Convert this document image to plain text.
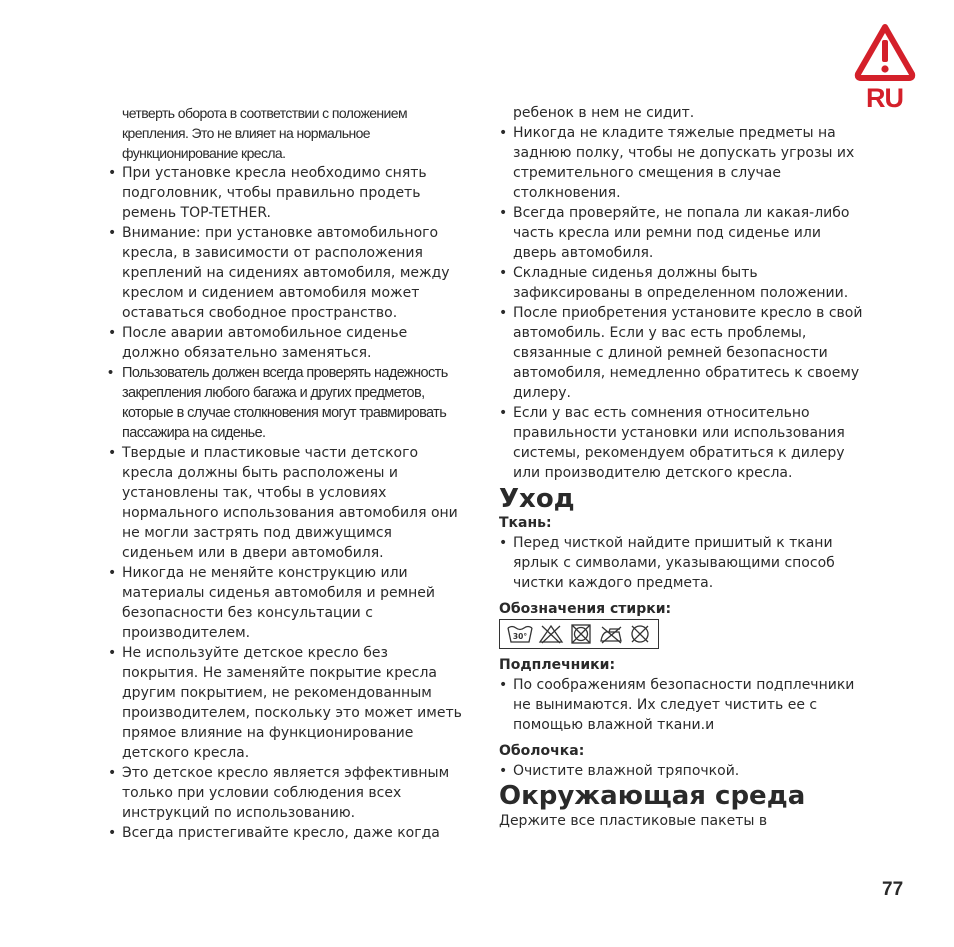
RU

четверть оборота в соответствии с положением крепления. Это не влияет на нормальное функционирование кресла.

• При установке кресла необходимо снять подголовник, чтобы правильно продеть ремень TOP-TETHER.
• Внимание: при установке автомобильного кресла, в зависимости от расположения креплений на сидениях автомобиля, между креслом и сидением автомобиля может оставаться свободное пространство.
• После аварии автомобильное сиденье должно обязательно заменяться.
• Пользователь должен всегда проверять надежность закрепления любого багажа и других предметов, которые в случае столкновения могут травмировать пассажира на сиденье.
• Твердые и пластиковые части детского кресла должны быть расположены и установлены так, чтобы в условиях нормального использования автомобиля они не могли застрять под движущимся сиденьем или в двери автомобиля.
• Никогда не меняйте конструкцию или материалы сиденья автомобиля и ремней безопасности без консультации с производителем.
• Не используйте детское кресло без покрытия. Не заменяйте покрытие кресла другим покрытием, не рекомендованным производителем, поскольку это может иметь прямое влияние на функционирование детского кресла.
• Это детское кресло является эффективным только при условии соблюдения всех инструкций по использованию.
• Всегда пристегивайте кресло, даже когда

ребенок в нем не сидит.

• Никогда не кладите тяжелые предметы на заднюю полку, чтобы не допускать угрозы их стремительного смещения в случае столкновения.
• Всегда проверяйте, не попала ли какая-либо часть кресла или ремни под сиденье или дверь автомобиля.
• Складные сиденья должны быть зафиксированы в определенном положении.
• После приобретения установите кресло в свой автомобиль. Если у вас есть проблемы, связанные с длиной ремней безопасности автомобиля, немедленно обратитесь к своему дилеру.
• Если у вас есть сомнения относительно правильности установки или использования системы, рекомендуем обратиться к дилеру или производителю детского кресла.
Уход
Ткань:
• Перед чисткой найдите пришитый к ткани ярлык с символами, указывающими способ чистки каждого предмета.
Обозначения стирки:
30°
Подплечники:
• По соображениям безопасности подплечники не вынимаются. Их следует чистить ее с помощью влажной ткани.и
Оболочка:
• Очистите влажной тряпочкой.
Окружающая среда

Держите все пластиковые пакеты в

77
